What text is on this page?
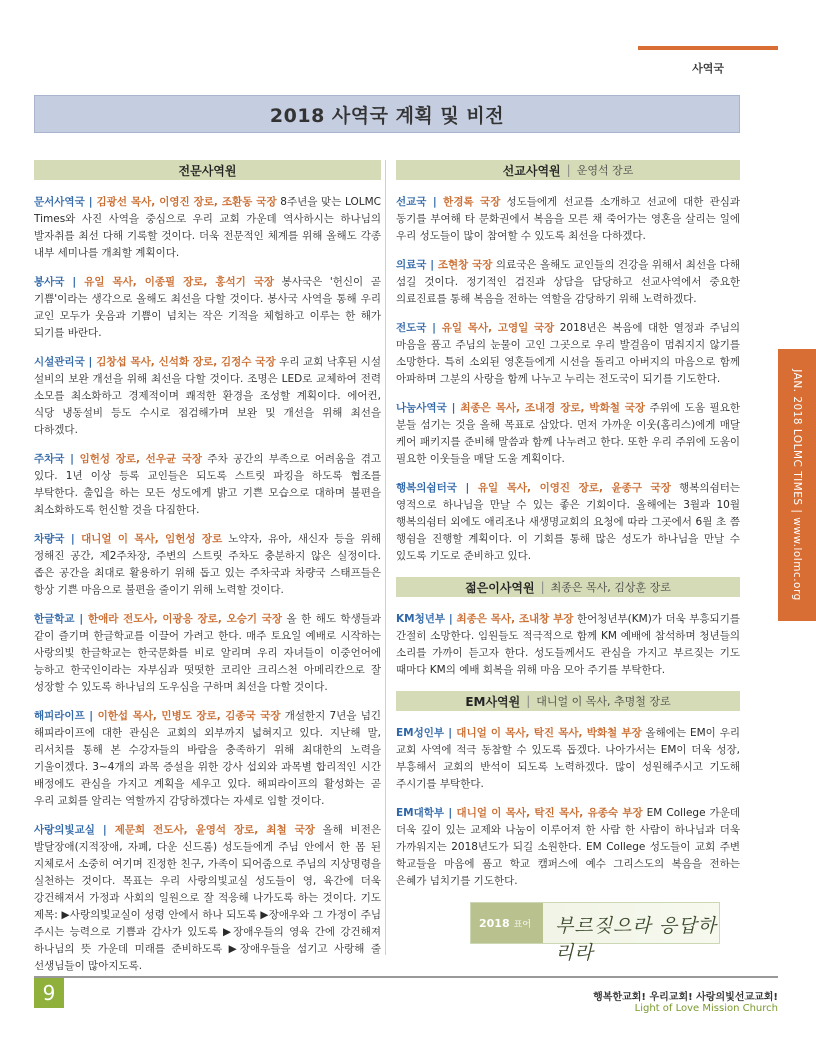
사역국
2018 사역국 계획 및 비전
전문사역원

문서사역국 | 김광선 목사, 이영진 장로, 조환동 국장 8주년을 맞는 LOLMC Times와 사진 사역을 중심으로 우리 교회 가운데 역사하시는 하나님의 발자취를 최선 다해 기록할 것이다. 더욱 전문적인 체계를 위해 올해도 각종 내부 세미나를 개최할 계획이다.

봉사국 | 유일 목사, 이종필 장로, 홍석기 국장 봉사국은 '헌신이 곧 기쁨'이라는 생각으로 올해도 최선을 다할 것이다. 봉사국 사역을 통해 우리 교인 모두가 웃음과 기쁨이 넘치는 작은 기적을 체험하고 이루는 한 해가 되기를 바란다.

시설관리국 | 김창섭 목사, 신석화 장로, 김정수 국장 우리 교회 낙후된 시설 설비의 보완 개선을 위해 최선을 다할 것이다. 조명은 LED로 교체하여 전력 소모를 최소화하고 경제적이며 쾌적한 환경을 조성할 계획이다. 에어컨, 식당 냉동설비 등도 수시로 점검해가며 보완 및 개선을 위해 최선을 다하겠다.

주차국 | 임헌성 장로, 선우균 국장 주차 공간의 부족으로 어려움을 겪고 있다. 1년 이상 등록 교인들은 되도록 스트릿 파킹을 하도록 협조를 부탁한다. 출입을 하는 모든 성도에게 밝고 기쁜 모습으로 대하며 불편을 최소화하도록 헌신할 것을 다짐한다.

차량국 | 대니얼 이 목사, 임헌성 장로 노약자, 유아, 새신자 등을 위해 정해진 공간, 제2주차장, 주변의 스트릿 주차도 충분하지 않은 실정이다. 좁은 공간을 최대로 활용하기 위해 돕고 있는 주차국과 차량국 스태프들은 항상 기쁜 마음으로 불편을 줄이기 위해 노력할 것이다.

한글학교 | 한애라 전도사, 이광응 장로, 오승기 국장 올 한 해도 학생들과 같이 즐기며 한글학교를 이끌어 가려고 한다. 매주 토요일 예배로 시작하는 사랑의빛 한글학교는 한국문화를 비로 알리며 우리 자녀들이 이중언어에 능하고 한국인이라는 자부심과 떳떳한 코리안 크리스천 아메리칸으로 잘 성장할 수 있도록 하나님의 도우심을 구하며 최선을 다할 것이다.

해피라이프 | 이한섭 목사, 민병도 장로, 김종국 국장 개설한지 7년을 넘긴 해피라이프에 대한 관심은 교회의 외부까지 넓혀지고 있다. 지난해 말, 리서치를 통해 본 수강자들의 바람을 충족하기 위해 최대한의 노력을 기울이겠다. 3~4개의 과목 증설을 위한 강사 섭외와 과목별 합리적인 시간 배정에도 관심을 가지고 계획을 세우고 있다. 해피라이프의 활성화는 곧 우리 교회를 알리는 역할까지 감당하겠다는 자세로 임할 것이다.

사랑의빛교실 | 제문희 전도사, 윤영석 장로, 최철 국장 올해 비전은 발달장애(지적장애, 자폐, 다운 신드롬) 성도들에게 주님 안에서 한 몸 된 지체로서 소중히 여기며 진정한 친구, 가족이 되어줌으로 주님의 지상명령을 실천하는 것이다. 목표는 우리 사랑의빛교실 성도들이 영, 육간에 더욱 강건해져서 가정과 사회의 일원으로 잘 적응해 나가도록 하는 것이다. 기도 제목: ▶사랑의빛교실이 성령 안에서 하나 되도록 ▶장애우와 그 가정이 주님 주시는 능력으로 기쁨과 감사가 있도록 ▶장애우들의 영육 간에 강건해져 하나님의 뜻 가운데 미래를 준비하도록 ▶장애우들을 섬기고 사랑해 줄 선생님들이 많아지도록.

선교사역원 | 운영석 장로

선교국 | 한경록 국장 성도들에게 선교를 소개하고 선교에 대한 관심과 동기를 부여해 타 문화권에서 복음을 모른 채 죽어가는 영혼을 살리는 일에 우리 성도들이 많이 참여할 수 있도록 최선을 다하겠다.

의료국 | 조현창 국장 의료국은 올해도 교인들의 건강을 위해서 최선을 다해 섬길 것이다. 정기적인 검진과 상담을 담당하고 선교사역에서 중요한 의료진료를 통해 복음을 전하는 역할을 감당하기 위해 노력하겠다.

전도국 | 유일 목사, 고영일 국장 2018년은 복음에 대한 열정과 주님의 마음을 품고 주님의 눈물이 고인 그곳으로 우리 발걸음이 멈춰지지 않기를 소망한다. 특히 소외된 영혼들에게 시선을 돌리고 아버지의 마음으로 함께 아파하며 그분의 사랑을 함께 나누고 누리는 전도국이 되기를 기도한다.

나눔사역국 | 최종은 목사, 조내경 장로, 박화철 국장 주위에 도움 필요한 분들 섬기는 것을 올해 목표로 삼았다. 먼저 가까운 이웃(홈리스)에게 매달 케어 패키지를 준비해 말씀과 함께 나누려고 한다. 또한 우리 주위에 도움이 필요한 이웃들을 매달 도울 계획이다.

행복의쉼터국 | 유일 목사, 이영진 장로, 윤종구 국장 행복의쉼터는 영적으로 하나님을 만날 수 있는 좋은 기회이다. 올해에는 3월과 10월 행복의쉼터 외에도 애리조나 새생명교회의 요청에 따라 그곳에서 6월 초 쯤 행쉼을 진행할 계획이다. 이 기회를 통해 많은 성도가 하나님을 만날 수 있도록 기도로 준비하고 있다.

젊은이사역원 | 최종은 목사, 김상훈 장로

KM청년부 | 최종은 목사, 조내창 부장 한어청년부(KM)가 더욱 부흥되기를 간절히 소망한다. 임원들도 적극적으로 함께 KM 예배에 참석하며 청년들의 소리를 가까이 듣고자 한다. 성도들께서도 관심을 가지고 부르짖는 기도 때마다 KM의 예배 회복을 위해 마음 모아 주기를 부탁한다.

EM사역원 | 대니얼 이 목사, 추명철 장로

EM성인부 | 대니얼 이 목사, 탁진 목사, 박화철 부장 올해에는 EM이 우리 교회 사역에 적극 동참할 수 있도록 돕겠다. 나아가서는 EM이 더욱 성장, 부흥해서 교회의 반석이 되도록 노력하겠다. 많이 성원해주시고 기도해 주시기를 부탁한다.

EM대학부 | 대니얼 이 목사, 탁진 목사, 유종숙 부장 EM College 가운데 더욱 깊이 있는 교제와 나눔이 이루어져 한 사람 한 사람이 하나님과 더욱 가까워지는 2018년도가 되길 소원한다. EM College 성도들이 교회 주변 학교들을 마음에 품고 학교 캠퍼스에 예수 그리스도의 복음을 전하는 은혜가 넘치기를 기도한다.

2018 표어 부르짖으라 응답하리라
JAN. 2018 LOLMC TIMES | www.lolmc.org
9	행복한교회! 우리교회! 사랑의빛선교교회!
Light of Love Mission Church
